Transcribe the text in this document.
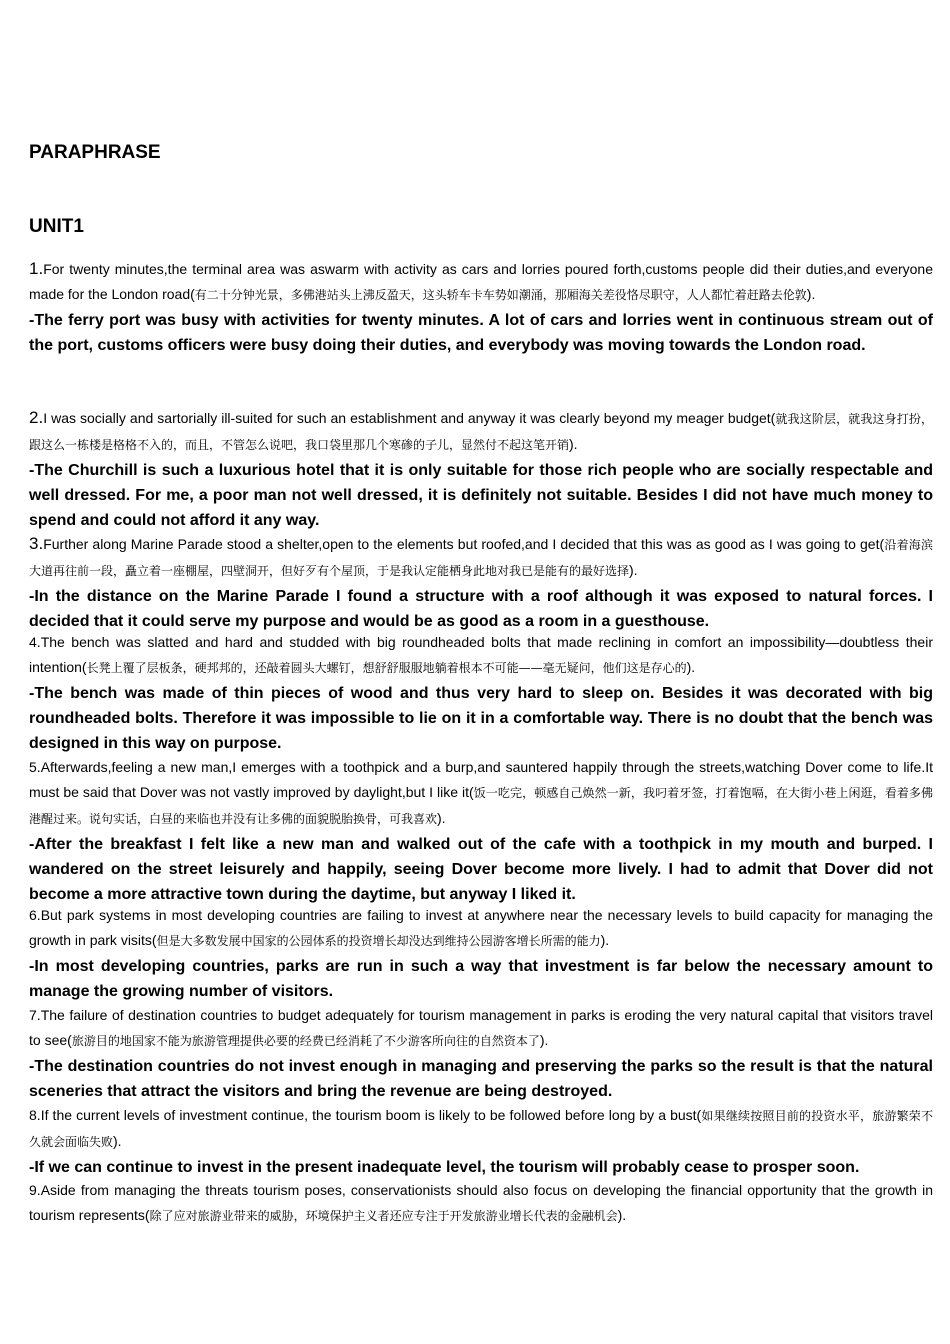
PARAPHRASE
UNIT1

1.For twenty minutes,the terminal area was aswarm with activity as cars and lorries poured forth,customs people did their duties,and everyone made for the London road(有二十分钟光景，多佛港站头上沸反盈天，这头轿车卡车势如潮涌，那厢海关差役恪尽职守，人人都忙着赶路去伦敦).

-The ferry port was busy with activities for twenty minutes. A lot of cars and lorries went in continuous stream out of the port, customs officers were busy doing their duties, and everybody was moving towards the London road.

2.I was socially and sartorially ill-suited for such an establishment and anyway it was clearly beyond my meager budget(就我这阶层，就我这身打扮，跟这么一栋楼是格格不入的，而且，不管怎么说吧，我口袋里那几个寒碜的子儿，显然付不起这笔开销).

-The Churchill is such a luxurious hotel that it is only suitable for those rich people who are socially respectable and well dressed. For me, a poor man not well dressed, it is definitely not suitable. Besides I did not have much money to spend and could not afford it any way.

3.Further along Marine Parade stood a shelter,open to the elements but roofed,and I decided that this was as good as I was going to get(沿着海滨大道再往前一段，矗立着一座棚屋，四壁洞开，但好歹有个屋顶，于是我认定能栖身此地对我已是能有的最好选择).

-In the distance on the Marine Parade I found a structure with a roof although it was exposed to natural forces. I decided that it could serve my purpose and would be as good as a room in a guesthouse.

4.The bench was slatted and hard and studded with big roundheaded bolts that made reclining in comfort an impossibility—doubtless their intention(长凳上覆了层板条，硬邦邦的，还敲着圆头大螺钉，想舒舒服服地躺着根本不可能——毫无疑问，他们这是存心的).

-The bench was made of thin pieces of wood and thus very hard to sleep on. Besides it was decorated with big roundheaded bolts. Therefore it was impossible to lie on it in a comfortable way. There is no doubt that the bench was designed in this way on purpose.

5.Afterwards,feeling a new man,I emerges with a toothpick and a burp,and sauntered happily through the streets,watching Dover come to life.It must be said that Dover was not vastly improved by daylight,but I like it(饭一吃完，顿感自己焕然一新，我叼着牙签，打着饱嗝，在大街小巷上闲逛，看着多佛港醒过来。说句实话，白昼的来临也并没有让多佛的面貌脱胎换骨，可我喜欢).

-After the breakfast I felt like a new man and walked out of the cafe with a toothpick in my mouth and burped. I wandered on the street leisurely and happily, seeing Dover become more lively. I had to admit that Dover did not become a more attractive town during the daytime, but anyway I liked it.

6.But park systems in most developing countries are failing to invest at anywhere near the necessary levels to build capacity for managing the growth in park visits(但是大多数发展中国家的公园体系的投资增长却没达到维持公园游客增长所需的能力).

-In most developing countries, parks are run in such a way that investment is far below the necessary amount to manage the growing number of visitors.

7.The failure of destination countries to budget adequately for tourism management in parks is eroding the very natural capital that visitors travel to see(旅游目的地国家不能为旅游管理提供必要的经费已经消耗了不少游客所向往的自然资本了).

-The destination countries do not invest enough in managing and preserving the parks so the result is that the natural sceneries that attract the visitors and bring the revenue are being destroyed.

8.If the current levels of investment continue, the tourism boom is likely to be followed before long by a bust(如果继续按照目前的投资水平，旅游繁荣不久就会面临失败).

-If we can continue to invest in the present inadequate level, the tourism will probably cease to prosper soon.

9.Aside from managing the threats tourism poses, conservationists should also focus on developing the financial opportunity that the growth in tourism represents(除了应对旅游业带来的威胁，环境保护主义者还应专注于开发旅游业增长代表的金融机会).
